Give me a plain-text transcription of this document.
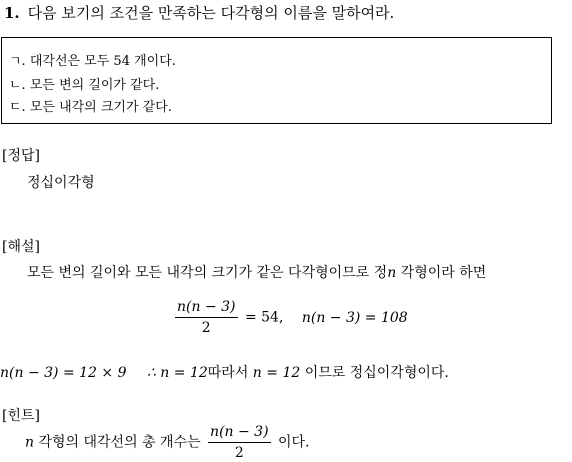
1. 다음 보기의 조건을 만족하는 다각형의 이름을 말하여라.
ㄱ. 대각선은 모두 54 개이다.
ㄴ. 모든 변의 길이가 같다.
ㄷ. 모든 내각의 크기가 같다.
[정답]
정십이각형
[해설]
모든 변의 길이와 모든 내각의 크기가 같은 다각형이므로 정n 각형이라 하면
$\frac{n(n - 3)}{2} = 54$, n(n − 3) = 108
n(n − 3) = 12 × 9 ∴ n = 12따라서 n = 12 이므로 정십이각형이다.
[힌트]
n 각형의 대각선의 총 개수는 $\frac{n(n - 3)}{2}$ 이다.
